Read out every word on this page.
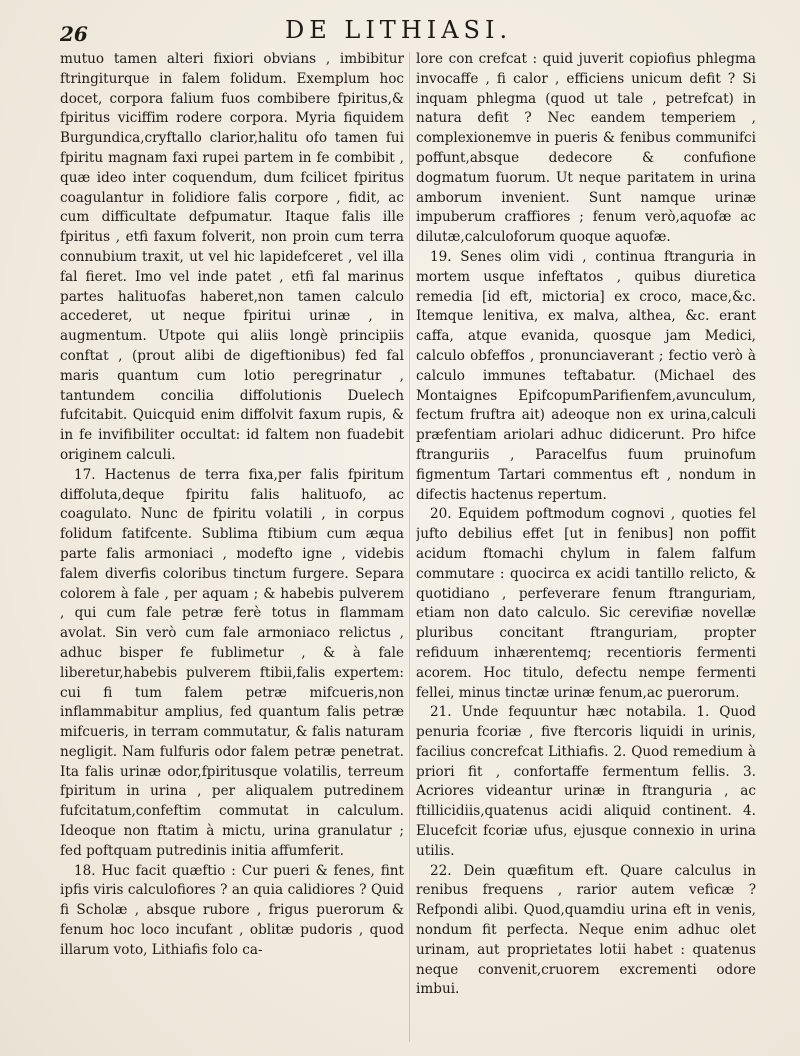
26	DE LITHIASI.

mutuo tamen alteri fixiori obvians , imbibitur ftringiturque in falem folidum. Exemplum hoc docet, corpora falium fuos combibere fpiritus,& fpiritus viciffim rodere corpora. Myria fiquidem Burgundica,cryftallo clarior,halitu ofo tamen fui fpiritu magnam faxi rupei partem in fe combibit , quæ ideo inter coquendum, dum fcilicet fpiritus coagulantur in folidiore falis corpore , fidit, ac cum difficultate defpumatur. Itaque falis ille fpiritus , etfi faxum folverit, non proin cum terra connubium traxit, ut vel hic lapidefceret , vel illa fal fieret. Imo vel inde patet , etfi fal marinus partes halituofas haberet,non tamen calculo accederet, ut neque fpiritui urinæ , in augmentum. Utpote qui aliis longè principiis conftat , (prout alibi de digeftionibus) fed fal maris quantum cum lotio peregrinatur , tantundem concilia diffolutionis Duelech fufcitabit. Quicquid enim diffolvit faxum rupis, & in fe invifibiliter occultat: id faltem non fuadebit originem calculi.

17. Hactenus de terra fixa,per falis fpiritum diffoluta,deque fpiritu falis halituofo, ac coagulato. Nunc de fpiritu volatili , in corpus folidum fatifcente. Sublima ftibium cum æqua parte falis armoniaci , modefto igne , videbis falem diverfis coloribus tinctum furgere. Separa colorem à fale , per aquam ; & habebis pulverem , qui cum fale petræ ferè totus in flammam avolat. Sin verò cum fale armoniaco relictus , adhuc bisper fe fublimetur , & à fale liberetur,habebis pulverem ftibii,falis expertem: cui fi tum falem petræ mifcueris,non inflammabitur amplius, fed quantum falis petræ mifcueris, in terram commutatur, & falis naturam negligit. Nam fulfuris odor falem petræ penetrat. Ita falis urinæ odor,fpiritusque volatilis, terreum fpiritum in urina , per aliqualem putredinem fufcitatum,confeftim commutat in calculum. Ideoque non ftatim à mictu, urina granulatur ; fed poftquam putredinis initia affumferit.

18. Huc facit quæftio : Cur pueri & fenes, fint ipfis viris calculofiores ? an quia calidiores ? Quid fi Scholæ , absque rubore , frigus puerorum & fenum hoc loco incufant , oblitæ pudoris , quod illarum voto, Lithiafis folo ca-

lore con crefcat : quid juverit copiofius phlegma invocaffe , fi calor , efficiens unicum defit ? Si inquam phlegma (quod ut tale , petrefcat) in natura defit ? Nec eandem temperiem , complexionemve in pueris & fenibus communifci poffunt,absque dedecore & confufione dogmatum fuorum. Ut neque paritatem in urina amborum invenient. Sunt namque urinæ impuberum craffiores ; fenum verò,aquofæ ac dilutæ,calculoforum quoque aquofæ.

19. Senes olim vidi , continua ftranguria in mortem usque infeftatos , quibus diuretica remedia [id eft, mictoria] ex croco, mace,&c. Itemque lenitiva, ex malva, althea, &c. erant caffa, atque evanida, quosque jam Medici, calculo obfeffos , pronunciaverant ; fectio verò à calculo immunes teftabatur. (Michael des Montaignes EpifcopumParifienfem,avunculum, fectum fruftra ait) adeoque non ex urina,calculi præfentiam ariolari adhuc didicerunt. Pro hifce ftranguriis , Paracelfus fuum pruinofum figmentum Tartari commentus eft , nondum in difectis hactenus repertum.

20. Equidem poftmodum cognovi , quoties fel jufto debilius effet [ut in fenibus] non poffit acidum ftomachi chylum in falem falfum commutare : quocirca ex acidi tantillo relicto, & quotidiano , perfeverare fenum ftranguriam, etiam non dato calculo. Sic cerevifiæ novellæ pluribus concitant ftranguriam, propter refiduum inhærentemq; recentioris fermenti acorem. Hoc titulo, defectu nempe fermenti fellei, minus tinctæ urinæ fenum,ac puerorum.

21. Unde fequuntur hæc notabila. 1. Quod penuria fcoriæ , five ftercoris liquidi in urinis, facilius concrefcat Lithiafis. 2. Quod remedium à priori fit , confortaffe fermentum fellis. 3. Acriores videantur urinæ in ftranguria , ac ftillicidiis,quatenus acidi aliquid continent. 4. Elucefcit fcoriæ ufus, ejusque connexio in urina utilis.

22. Dein quæfitum eft. Quare calculus in renibus frequens , rarior autem veficæ ? Refpondi alibi. Quod,quamdiu urina eft in venis, nondum fit perfecta. Neque enim adhuc olet urinam, aut proprietates lotii habet : quatenus neque convenit,cruorem excrementi odore imbui.
